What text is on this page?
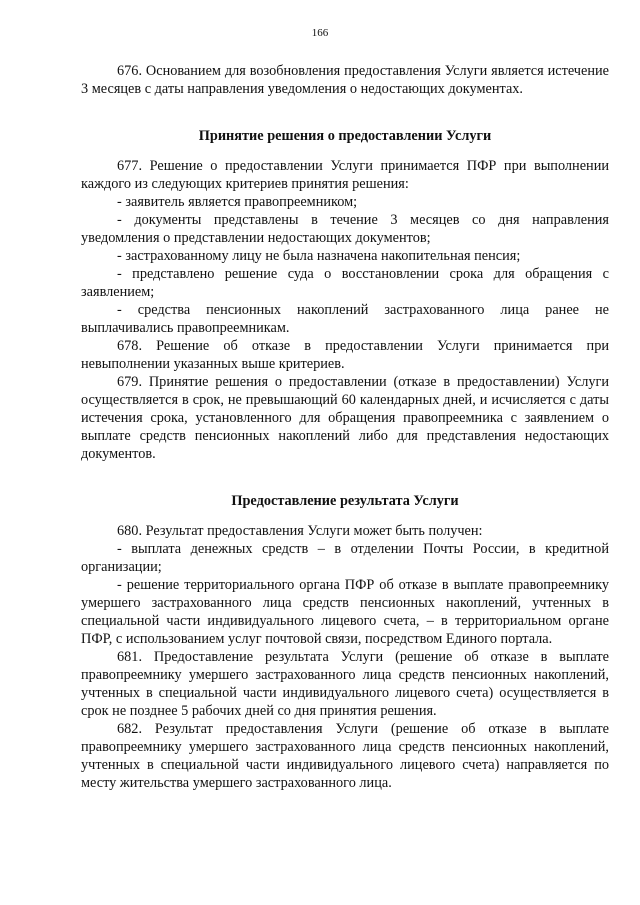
166

676. Основанием для возобновления предоставления Услуги является истечение 3 месяцев с даты направления уведомления о недостающих документах.

Принятие решения о предоставлении Услуги

677. Решение о предоставлении Услуги принимается ПФР при выполнении каждого из следующих критериев принятия решения:

- заявитель является правопреемником;

- документы представлены в течение 3 месяцев со дня направления уведомления о представлении недостающих документов;

- застрахованному лицу не была назначена накопительная пенсия;

- представлено решение суда о восстановлении срока для обращения с заявлением;

- средства пенсионных накоплений застрахованного лица ранее не выплачивались правопреемникам.

678. Решение об отказе в предоставлении Услуги принимается при невыполнении указанных выше критериев.

679. Принятие решения о предоставлении (отказе в предоставлении) Услуги осуществляется в срок, не превышающий 60 календарных дней, и исчисляется с даты истечения срока, установленного для обращения правопреемника с заявлением о выплате средств пенсионных накоплений либо для представления недостающих документов.

Предоставление результата Услуги

680. Результат предоставления Услуги может быть получен:

- выплата денежных средств – в отделении Почты России, в кредитной организации;

- решение территориального органа ПФР об отказе в выплате правопреемнику умершего застрахованного лица средств пенсионных накоплений, учтенных в специальной части индивидуального лицевого счета, – в территориальном органе ПФР, с использованием услуг почтовой связи, посредством Единого портала.

681. Предоставление результата Услуги (решение об отказе в выплате правопреемнику умершего застрахованного лица средств пенсионных накоплений, учтенных в специальной части индивидуального лицевого счета) осуществляется в срок не позднее 5 рабочих дней со дня принятия решения.

682. Результат предоставления Услуги (решение об отказе в выплате правопреемнику умершего застрахованного лица средств пенсионных накоплений, учтенных в специальной части индивидуального лицевого счета) направляется по месту жительства умершего застрахованного лица.
